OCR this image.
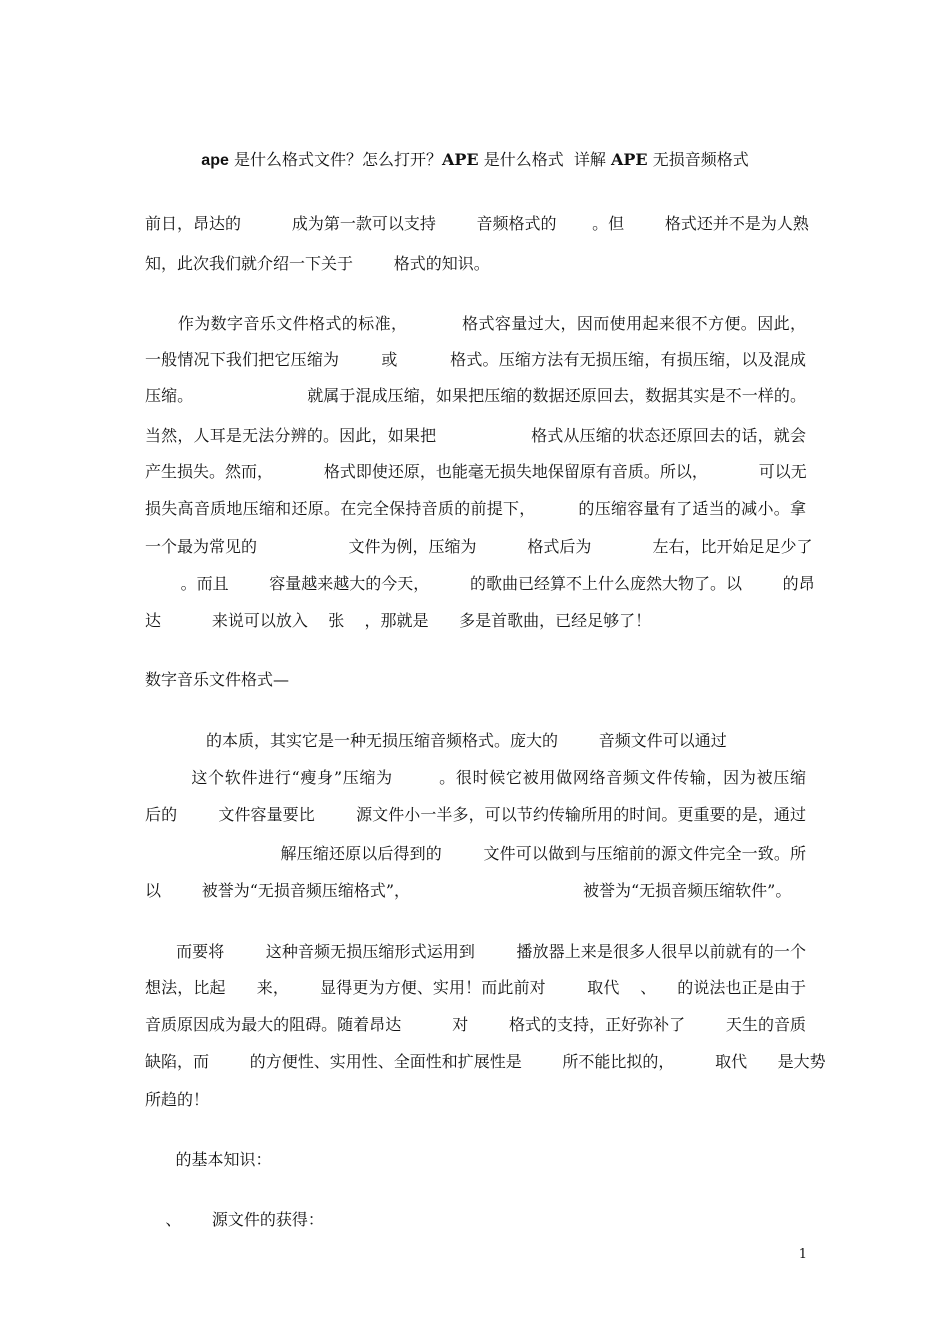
ape 是什么格式文件？怎么打开？APE 是什么格式  详解 APE 无损音频格式
前日，昂达的          成为第一款可以支持        音频格式的       。但        格式还并不是为人熟
知，此次我们就介绍一下关于        格式的知识。
作为数字音乐文件格式的标准，          格式容量过大，因而使用起来很不方便。因此，
一般情况下我们把它压缩为        或          格式。压缩方法有无损压缩，有损压缩，以及混成
压缩。                      就属于混成压缩，如果把压缩的数据还原回去，数据其实是不一样的。
当然，人耳是无法分辨的。因此，如果把                  格式从压缩的状态还原回去的话，就会
产生损失。然而，          格式即使还原，也能毫无损失地保留原有音质。所以，          可以无
损失高音质地压缩和还原。在完全保持音质的前提下，        的压缩容量有了适当的减小。拿
一个最为常见的                  文件为例，压缩为          格式后为            左右，比开始足足少了
。而且        容量越来越大的今天，        的歌曲已经算不上什么庞然大物了。以        的昂
达          来说可以放入    张    ，那就是      多是首歌曲，已经足够了！
数字音乐文件格式—
的本质，其实它是一种无损压缩音频格式。庞大的        音频文件可以通过
这个软件进行“瘦身”压缩为        。很时候它被用做网络音频文件传输，因为被压缩
后的        文件容量要比        源文件小一半多，可以节约传输所用的时间。更重要的是，通过
解压缩还原以后得到的        文件可以做到与压缩前的源文件完全一致。所
以        被誉为“无损音频压缩格式”，                                  被誉为“无损音频压缩软件”。
而要将        这种音频无损压缩形式运用到        播放器上来是很多人很早以前就有的一个
想法，比起      来，      显得更为方便、实用！而此前对        取代    、    的说法也正是由于
音质原因成为最大的阻碍。随着昂达          对        格式的支持，正好弥补了        天生的音质
缺陷，而        的方便性、实用性、全面性和扩展性是        所不能比拟的，        取代      是大势
所趋的！
的基本知识：
、      源文件的获得：
1
